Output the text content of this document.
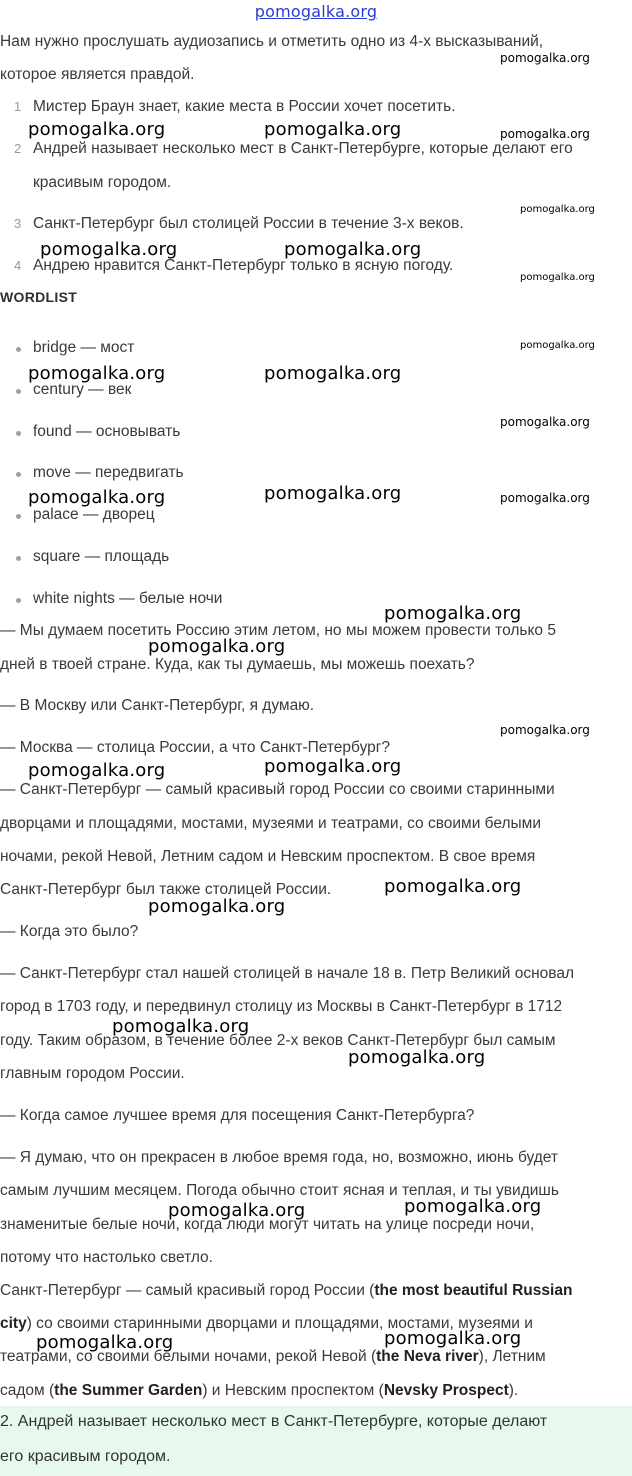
pomogalka.org
Нам нужно прослушать аудиозапись и отметить одно из 4-х высказываний,
которое является правдой.
1 Мистер Браун знает, какие места в России хочет посетить.
2 Андрей называет несколько мест в Санкт-Петербурге, которые делают его
красивым городом.
3 Санкт-Петербург был столицей России в течение 3-х веков.
4 Андрею нравится Санкт-Петербург только в ясную погоду.
WORDLIST
bridge — мост
century — век
found — основывать
move — передвигать
palace — дворец
square — площадь
white nights — белые ночи
— Мы думаем посетить Россию этим летом, но мы можем провести только 5
дней в твоей стране. Куда, как ты думаешь, мы можешь поехать?
— В Москву или Санкт-Петербург, я думаю.
— Москва — столица России, а что Санкт-Петербург?
— Санкт-Петербург — самый красивый город России со своими старинными
дворцами и площадями, мостами, музеями и театрами, со своими белыми
ночами, рекой Невой, Летним садом и Невским проспектом. В свое время
Санкт-Петербург был также столицей России.
— Когда это было?
— Санкт-Петербург стал нашей столицей в начале 18 в. Петр Великий основал
город в 1703 году, и передвинул столицу из Москвы в Санкт-Петербург в 1712
году. Таким образом, в течение более 2-х веков Санкт-Петербург был самым
главным городом России.
— Когда самое лучшее время для посещения Санкт-Петербурга?
— Я думаю, что он прекрасен в любое время года, но, возможно, июнь будет
самым лучшим месяцем. Погода обычно стоит ясная и теплая, и ты увидишь
знаменитые белые ночи, когда люди могут читать на улице посреди ночи,
потому что настолько светло.
Санкт-Петербург — самый красивый город России (the most beautiful Russian
city) со своими старинными дворцами и площадями, мостами, музеями и
театрами, со своими белыми ночами, рекой Невой (the Neva river), Летним
садом (the Summer Garden) и Невским проспектом (Nevsky Prospect).
2. Андрей называет несколько мест в Санкт-Петербурге, которые делают
его красивым городом.
pomogalka.org
pomogalka.org	pomogalka.org	pomogalka.org
pomogalka.org
pomogalka.org	pomogalka.org
pomogalka.org
pomogalka.org
pomogalka.org	pomogalka.org
pomogalka.org
pomogalka.org	pomogalka.org	pomogalka.org
pomogalka.org
pomogalka.org
pomogalka.org
pomogalka.org	pomogalka.org
pomogalka.org
pomogalka.org
pomogalka.org
pomogalka.org
pomogalka.org	pomogalka.org
pomogalka.org	pomogalka.org
